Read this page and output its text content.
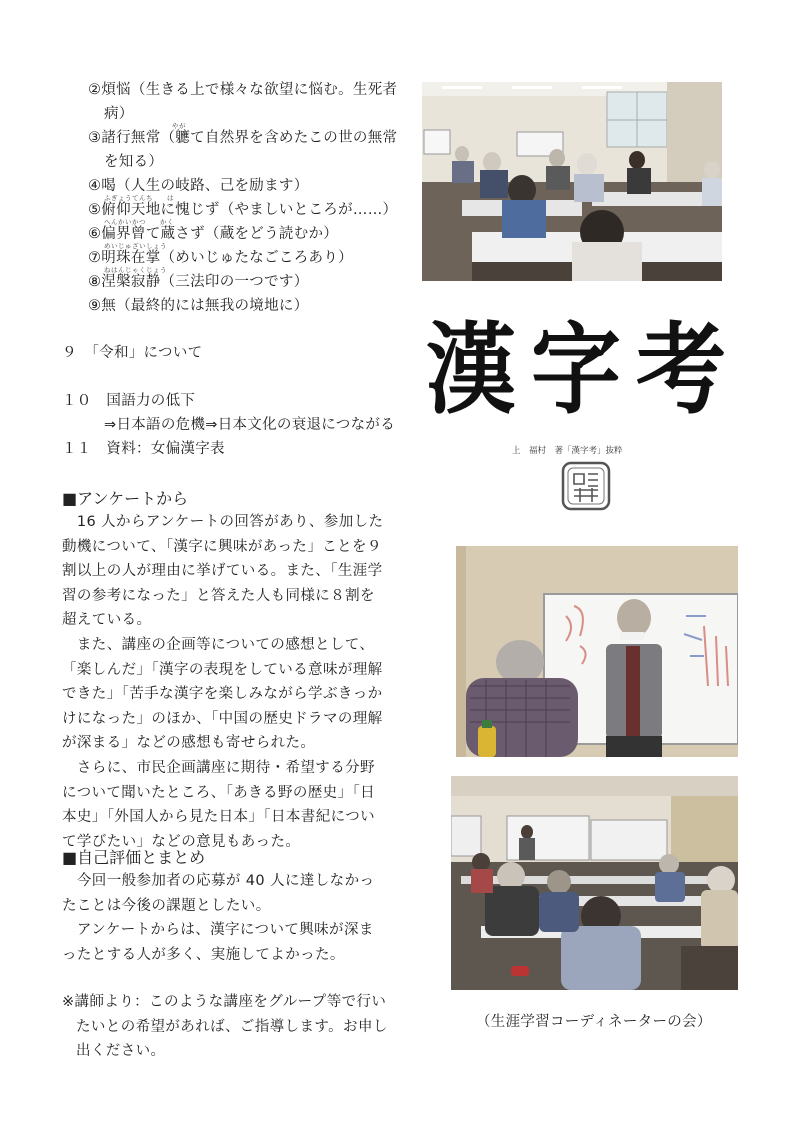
②煩悩（生きる上で様々な欲望に悩む。生死者
病）
やが
③諸行無常（軈て自然界を含めたこの世の無常
を知る）
④喝（人生の岐路、己を励ます）
ふぎょうてんち　　は
⑤俯仰天地に愧じず（やましいところが……）
へんかいかつ　　かく
⑥偏界曾て蔵さず（蔵をどう読むか）
めいじゅざいしょう
⑦明珠在掌（めいじゅたなごころあり）
ねはんじゃくじょう
⑧涅槃寂静（三法印の一つです）
⑨無（最終的には無我の境地に）
９　「令和」について
１０　国語力の低下
⇒日本語の危機⇒日本文化の衰退につながる
１１　資料：女偏漢字表
■アンケートから
　16 人からアンケートの回答があり、参加した動機について、「漢字に興味があった」ことを９割以上の人が理由に挙げている。また、「生涯学習の参考になった」と答えた人も同様に８割を超えている。
　また、講座の企画等についての感想として、「楽しんだ」「漢字の表現をしている意味が理解できた」「苦手な漢字を楽しみながら学ぶきっかけになった」のほか、「中国の歴史ドラマの理解が深まる」などの感想も寄せられた。
　さらに、市民企画講座に期待・希望する分野について聞いたところ、「あきる野の歴史」「日本史」「外国人から見た日本」「日本書紀について学びたい」などの意見もあった。
■自己評価とまとめ
　今回一般参加者の応募が 40 人に達しなかったことは今後の課題としたい。
　アンケートからは、漢字について興味が深まったとする人が多く、実施してよかった。
※講師より：このような講座をグループ等で行いたいとの希望があれば、ご指導します。お申し出ください。
漢 字 考
上　福村　著「漢字考」抜粋
（生涯学習コーディネーターの会）
